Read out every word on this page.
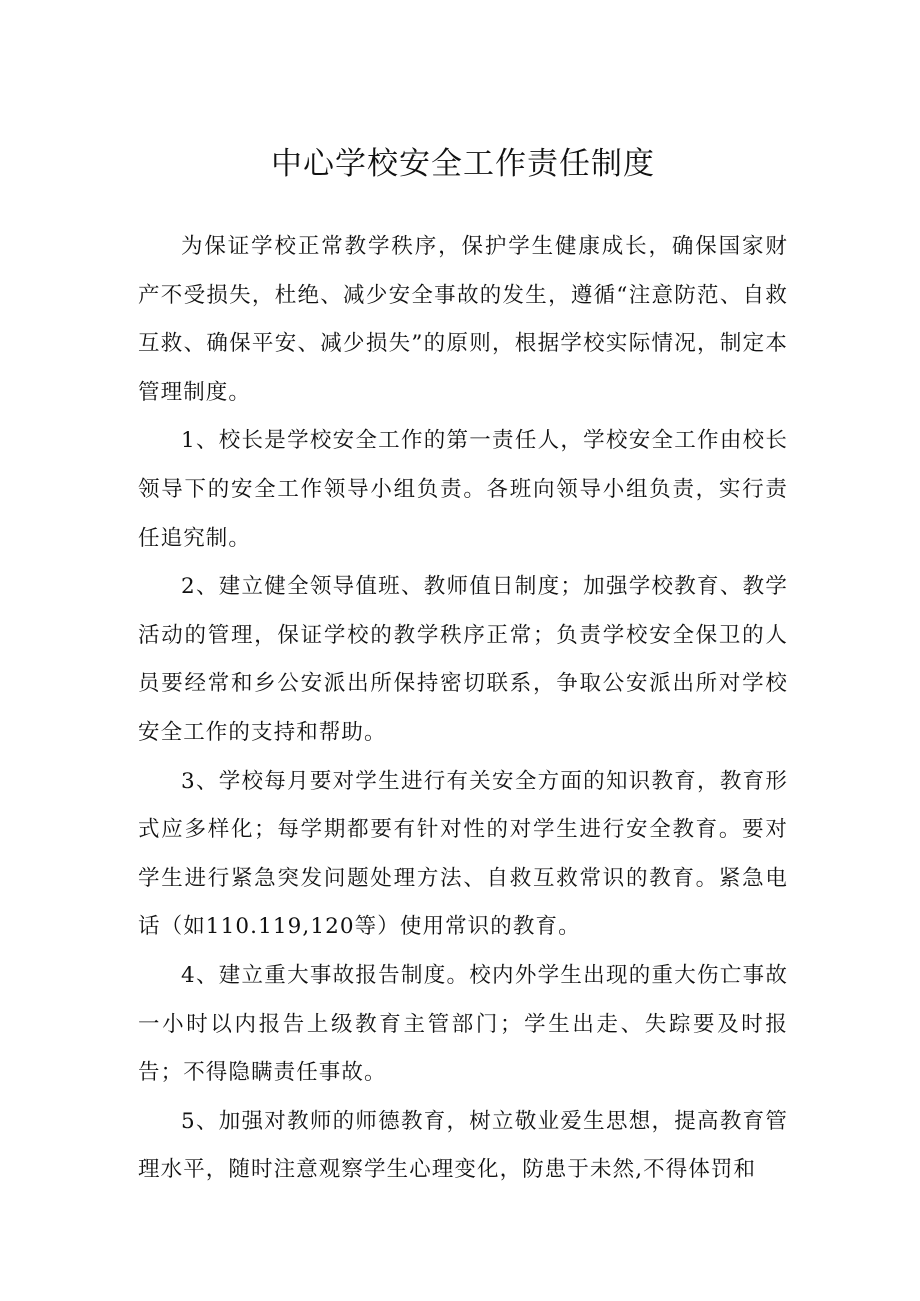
中心学校安全工作责任制度

为保证学校正常教学秩序，保护学生健康成长，确保国家财产不受损失，杜绝、减少安全事故的发生，遵循“注意防范、自救互救、确保平安、减少损失”的原则，根据学校实际情况，制定本管理制度。

1、校长是学校安全工作的第一责任人，学校安全工作由校长领导下的安全工作领导小组负责。各班向领导小组负责，实行责任追究制。

2、建立健全领导值班、教师值日制度；加强学校教育、教学活动的管理，保证学校的教学秩序正常；负责学校安全保卫的人员要经常和乡公安派出所保持密切联系，争取公安派出所对学校安全工作的支持和帮助。

3、学校每月要对学生进行有关安全方面的知识教育，教育形式应多样化；每学期都要有针对性的对学生进行安全教育。要对学生进行紧急突发问题处理方法、自救互救常识的教育。紧急电话（如110.119,120等）使用常识的教育。

4、建立重大事故报告制度。校内外学生出现的重大伤亡事故一小时以内报告上级教育主管部门；学生出走、失踪要及时报告；不得隐瞒责任事故。

5、加强对教师的师德教育，树立敬业爱生思想，提高教育管理水平，随时注意观察学生心理变化，防患于未然,不得体罚和
